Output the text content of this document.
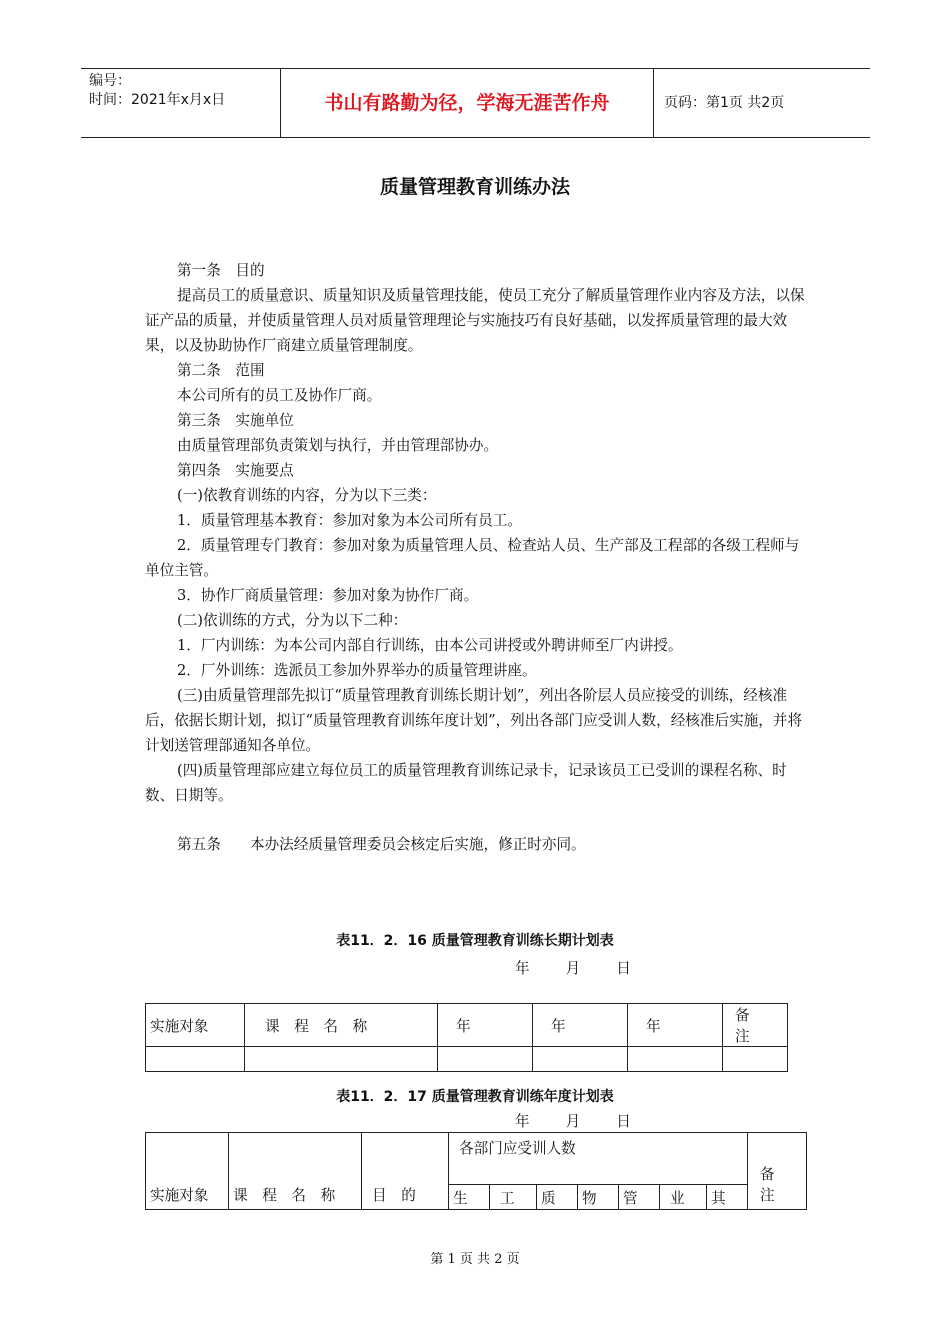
编号：
时间：2021年x月x日	书山有路勤为径，学海无涯苦作舟	页码：第1页 共2页
质量管理教育训练办法
第一条　目的
提高员工的质量意识、质量知识及质量管理技能，使员工充分了解质量管理作业内容及方法，以保证产品的质量，并使质量管理人员对质量管理理论与实施技巧有良好基础，以发挥质量管理的最大效果，以及协助协作厂商建立质量管理制度。
第二条　范围
本公司所有的员工及协作厂商。
第三条　实施单位
由质量管理部负责策划与执行，并由管理部协办。
第四条　实施要点
(一)依教育训练的内容，分为以下三类：
1．质量管理基本教育：参加对象为本公司所有员工。
2．质量管理专门教育：参加对象为质量管理人员、检查站人员、生产部及工程部的各级工程师与单位主管。
3．协作厂商质量管理：参加对象为协作厂商。
(二)依训练的方式，分为以下二种：
1．厂内训练：为本公司内部自行训练，由本公司讲授或外聘讲师至厂内讲授。
2．厂外训练：选派员工参加外界举办的质量管理讲座。
(三)由质量管理部先拟订“质量管理教育训练长期计划”，列出各阶层人员应接受的训练，经核准后，依据长期计划，拟订“质量管理教育训练年度计划”，列出各部门应受训人数，经核准后实施，并将计划送管理部通知各单位。
(四)质量管理部应建立每位员工的质量管理教育训练记录卡，记录该员工已受训的课程名称、时数、日期等。
第五条　　本办法经质量管理委员会核定后实施，修正时亦同。
表11．2．16 质量管理教育训练长期计划表
年 月 日
实施对象	课　程　名　称	年	年	年	备　　注

表11．2．17 质量管理教育训练年度计划表
年 月 日
实施对象	课　程　名　称	目　的	各部门应受训人数							备　注
			生	工	质	物	管	业	其	
第 1 页 共 2 页
